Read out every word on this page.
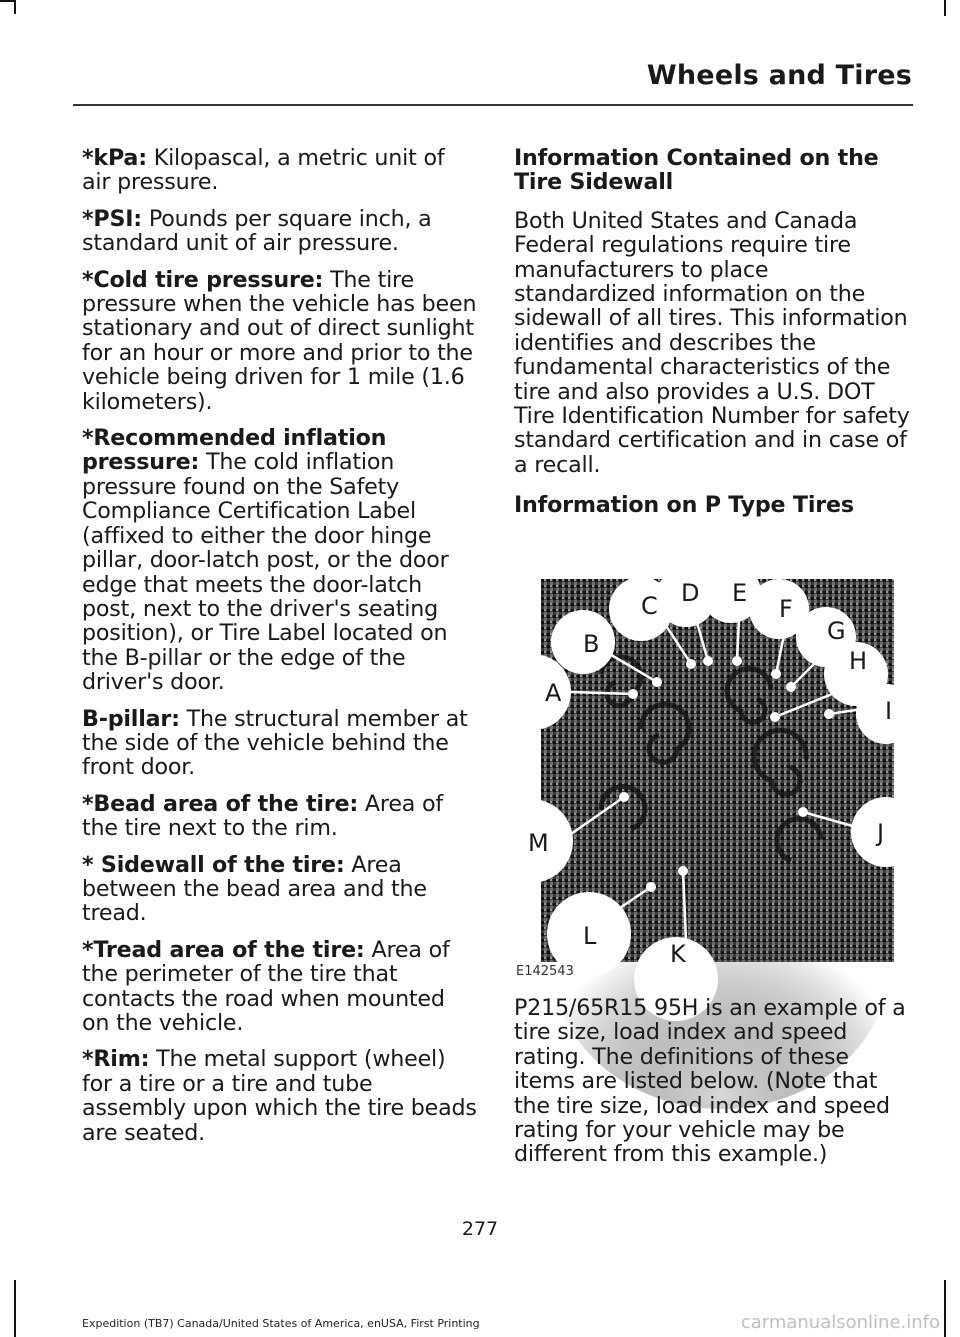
Wheels and Tires

*kPa: Kilopascal, a metric unit of air pressure.

*PSI: Pounds per square inch, a standard unit of air pressure.

*Cold tire pressure: The tire pressure when the vehicle has been stationary and out of direct sunlight for an hour or more and prior to the vehicle being driven for 1 mile (1.6 kilometers).

*Recommended inflation pressure: The cold inflation pressure found on the Safety Compliance Certification Label (affixed to either the door hinge pillar, door-latch post, or the door edge that meets the door-latch post, next to the driver's seating position), or Tire Label located on the B-pillar or the edge of the driver's door.

B-pillar: The structural member at the side of the vehicle behind the front door.

*Bead area of the tire: Area of the tire next to the rim.

* Sidewall of the tire: Area between the bead area and the tread.

*Tread area of the tire: Area of the perimeter of the tire that contacts the road when mounted on the vehicle.

*Rim: The metal support (wheel) for a tire or a tire and tube assembly upon which the tire beads are seated.

Information Contained on the Tire Sidewall

Both United States and Canada Federal regulations require tire manufacturers to place standardized information on the sidewall of all tires. This information identifies and describes the fundamental characteristics of the tire and also provides a U.S. DOT Tire Identification Number for safety standard certification and in case of a recall.

Information on P Type Tires
A
B
C D E
F
G
H
I
J
K
L
M
E142543

P215/65R15 95H is an example of a tire size, load index and speed rating. The definitions of these items are listed below. (Note that the tire size, load index and speed rating for your vehicle may be different from this example.)

277
Expedition (TB7) Canada/United States of America, enUSA, First Printing	carmanualsonline.info
